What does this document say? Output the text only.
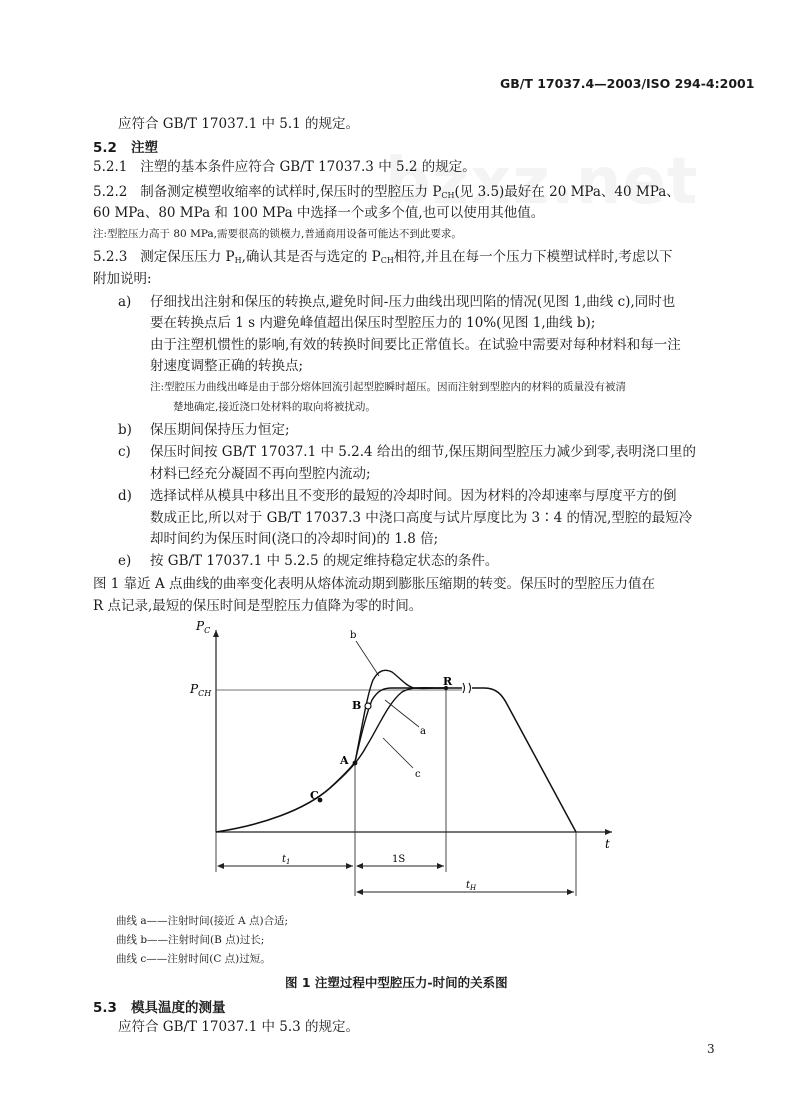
GB/T 17037.4—2003/ISO 294-4:2001
应符合 GB/T 17037.1 中 5.1 的规定。
5.2 注塑
5.2.1 注塑的基本条件应符合 GB/T 17037.3 中 5.2 的规定。
5.2.2 制备测定模塑收缩率的试样时,保压时的型腔压力 $P_{CH}$(见 3.5)最好在 20 MPa、40 MPa、
60 MPa、80 MPa 和 100 MPa 中选择一个或多个值,也可以使用其他值。
注:型腔压力高于 80 MPa,需要很高的锁模力,普通商用设备可能达不到此要求。
5.2.3 测定保压压力 $P_H$,确认其是否与选定的 $P_{CH}$相符,并且在每一个压力下模塑试样时,考虑以下
附加说明:
a) 仔细找出注射和保压的转换点,避免时间-压力曲线出现凹陷的情况(见图 1,曲线 c),同时也
要在转换点后 1 s 内避免峰值超出保压时型腔压力的 10%(见图 1,曲线 b);
由于注塑机惯性的影响,有效的转换时间要比正常值长。在试验中需要对每种材料和每一注
射速度调整正确的转换点;
注:型腔压力曲线出峰是由于部分熔体回流引起型腔瞬时超压。因而注射到型腔内的材料的质量没有被清
楚地确定,接近浇口处材料的取向将被扰动。
b) 保压期间保持压力恒定;
c) 保压时间按 GB/T 17037.1 中 5.2.4 给出的细节,保压期间型腔压力减少到零,表明浇口里的
材料已经充分凝固不再向型腔内流动;
d) 选择试样从模具中移出且不变形的最短的冷却时间。因为材料的冷却速率与厚度平方的倒
数成正比,所以对于 GB/T 17037.3 中浇口高度与试片厚度比为 3∶4 的情况,型腔的最短冷
却时间约为保压时间(浇口的冷却时间)的 1.8 倍;
e) 按 GB/T 17037.1 中 5.2.5 的规定维持稳定状态的条件。
图 1 靠近 A 点曲线的曲率变化表明从熔体流动期到膨胀压缩期的转变。保压时的型腔压力值在
R 点记录,最短的保压时间是型腔压力值降为零的时间。
$P_C$
$P_{CH}$
t
R
B
A
C
b
a
c
$t_1$	1S
$t_H$
曲线 a——注射时间(接近 A 点)合适;
曲线 b——注射时间(B 点)过长;
曲线 c——注射时间(C 点)过短。
图 1 注塑过程中型腔压力-时间的关系图
5.3 模具温度的测量
应符合 GB/T 17037.1 中 5.3 的规定。
3
